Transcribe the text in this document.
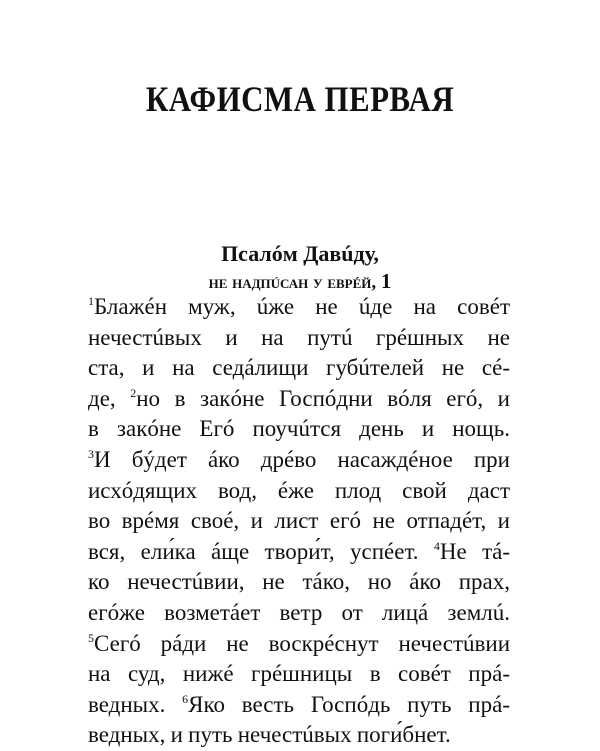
КАФИСМА ПЕРВАЯ
Псалóм Давúду,
не надпúсан у еврéй, 1
$^1$Блажéн муж, úже не úде на совéт
нечестúвых и на путú грéшных не
ста, и на седáлищи губúтелей не сé-
де, $^2$но в закóне Госпóдни вóля егó, и
в закóне Егó поучúтся день и нощь.
$^3$И бýдет áко дрéво насаждéное при
исхóдящих вод, éже плод свой даст
во врéмя своé, и лист егó не отпадéт, и
вся, ели́ка áще твори́т, успéет. $^4$Не тá-
ко нечестúвии, не тáко, но áко прах,
егóже возметáет ветр от лицá землú.
$^5$Сегó рáди не воскрéснут нечестúвии
на суд, нижé грéшницы в совéт прá-
ведных. $^6$Яко весть Госпóдь путь прá-
ведных, и путь нечестúвых поги́бнет.
